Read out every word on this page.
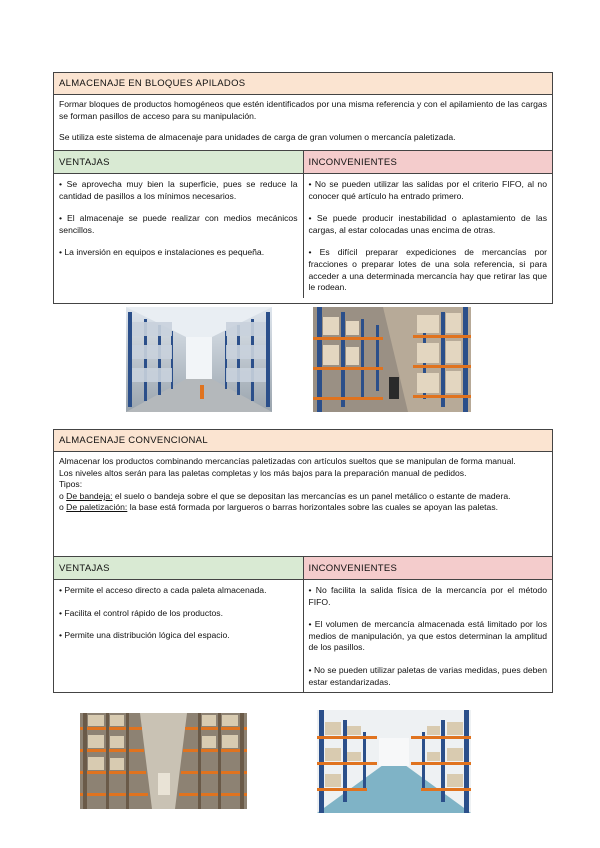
ALMACENAJE EN BLOQUES APILADOS

Formar bloques de productos homogéneos que estén identificados por una misma referencia y con el apilamiento de las cargas se forman pasillos de acceso para su manipulación.

Se utiliza este sistema de almacenaje para unidades de carga de gran volumen o mercancía paletizada.

VENTAJAS

• Se aprovecha muy bien la superficie, pues se reduce la cantidad de pasillos a los mínimos necesarios.

• El almacenaje se puede realizar con medios mecánicos sencillos.

• La inversión en equipos e instalaciones es pequeña.

INCONVENIENTES

• No se pueden utilizar las salidas por el criterio FIFO, al no conocer qué artículo ha entrado primero.

• Se puede producir inestabilidad o aplastamiento de las cargas, al estar colocadas unas encima de otras.

• Es difícil preparar expediciones de mercancías por fracciones o preparar lotes de una sola referencia, si para acceder a una determinada mercancía hay que retirar las que le rodean.

ALMACENAJE CONVENCIONAL

Almacenar los productos combinando mercancías paletizadas con artículos sueltos que se manipulan de forma manual.

Los niveles altos serán para las paletas completas y los más bajos para la preparación manual de pedidos.

Tipos:

o De bandeja: el suelo o bandeja sobre el que se depositan las mercancías es un panel metálico o estante de madera.

o De paletización: la base está formada por largueros o barras horizontales sobre las cuales se apoyan las paletas.

VENTAJAS

• Permite el acceso directo a cada paleta almacenada.

• Facilita el control rápido de los productos.

• Permite una distribución lógica del espacio.

INCONVENIENTES

• No facilita la salida física de la mercancía por el método FIFO.

• El volumen de mercancía almacenada está limitado por los medios de manipulación, ya que estos determinan la amplitud de los pasillos.

• No se pueden utilizar paletas de varias medidas, pues deben estar estandarizadas.
